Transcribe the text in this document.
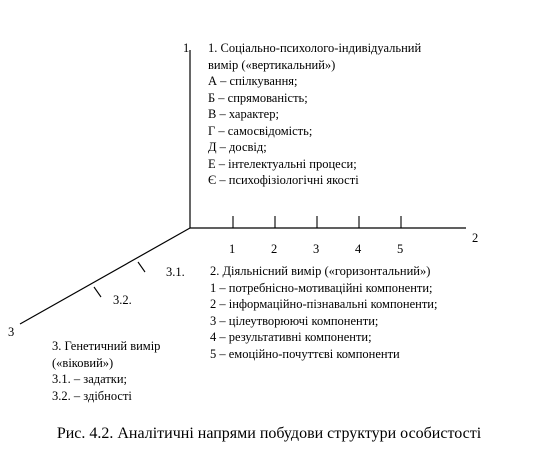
1
2
3
1. Соціально-психолого-індивідуальний
вимір («вертикальний»)
А – спілкування;
Б – спрямованість;
В – характер;
Г – самосвідомість;
Д – досвід;
Е – інтелектуальні процеси;
Є – психофізіологічні якості
1	2	3	4	5
2. Діяльнісний вимір («горизонтальний»)
1 – потребнісно-мотиваційні компоненти;
2 – інформаційно-пізнавальні компоненти;
3 – цілеутворюючі компоненти;
4 – результативні компоненти;
5 – емоційно-почуттєві компоненти
3.1.
3.2.
3. Генетичний вимір
(«віковий»)
3.1. – задатки;
3.2. – здібності
Рис. 4.2. Аналітичні напрями побудови структури особистості
